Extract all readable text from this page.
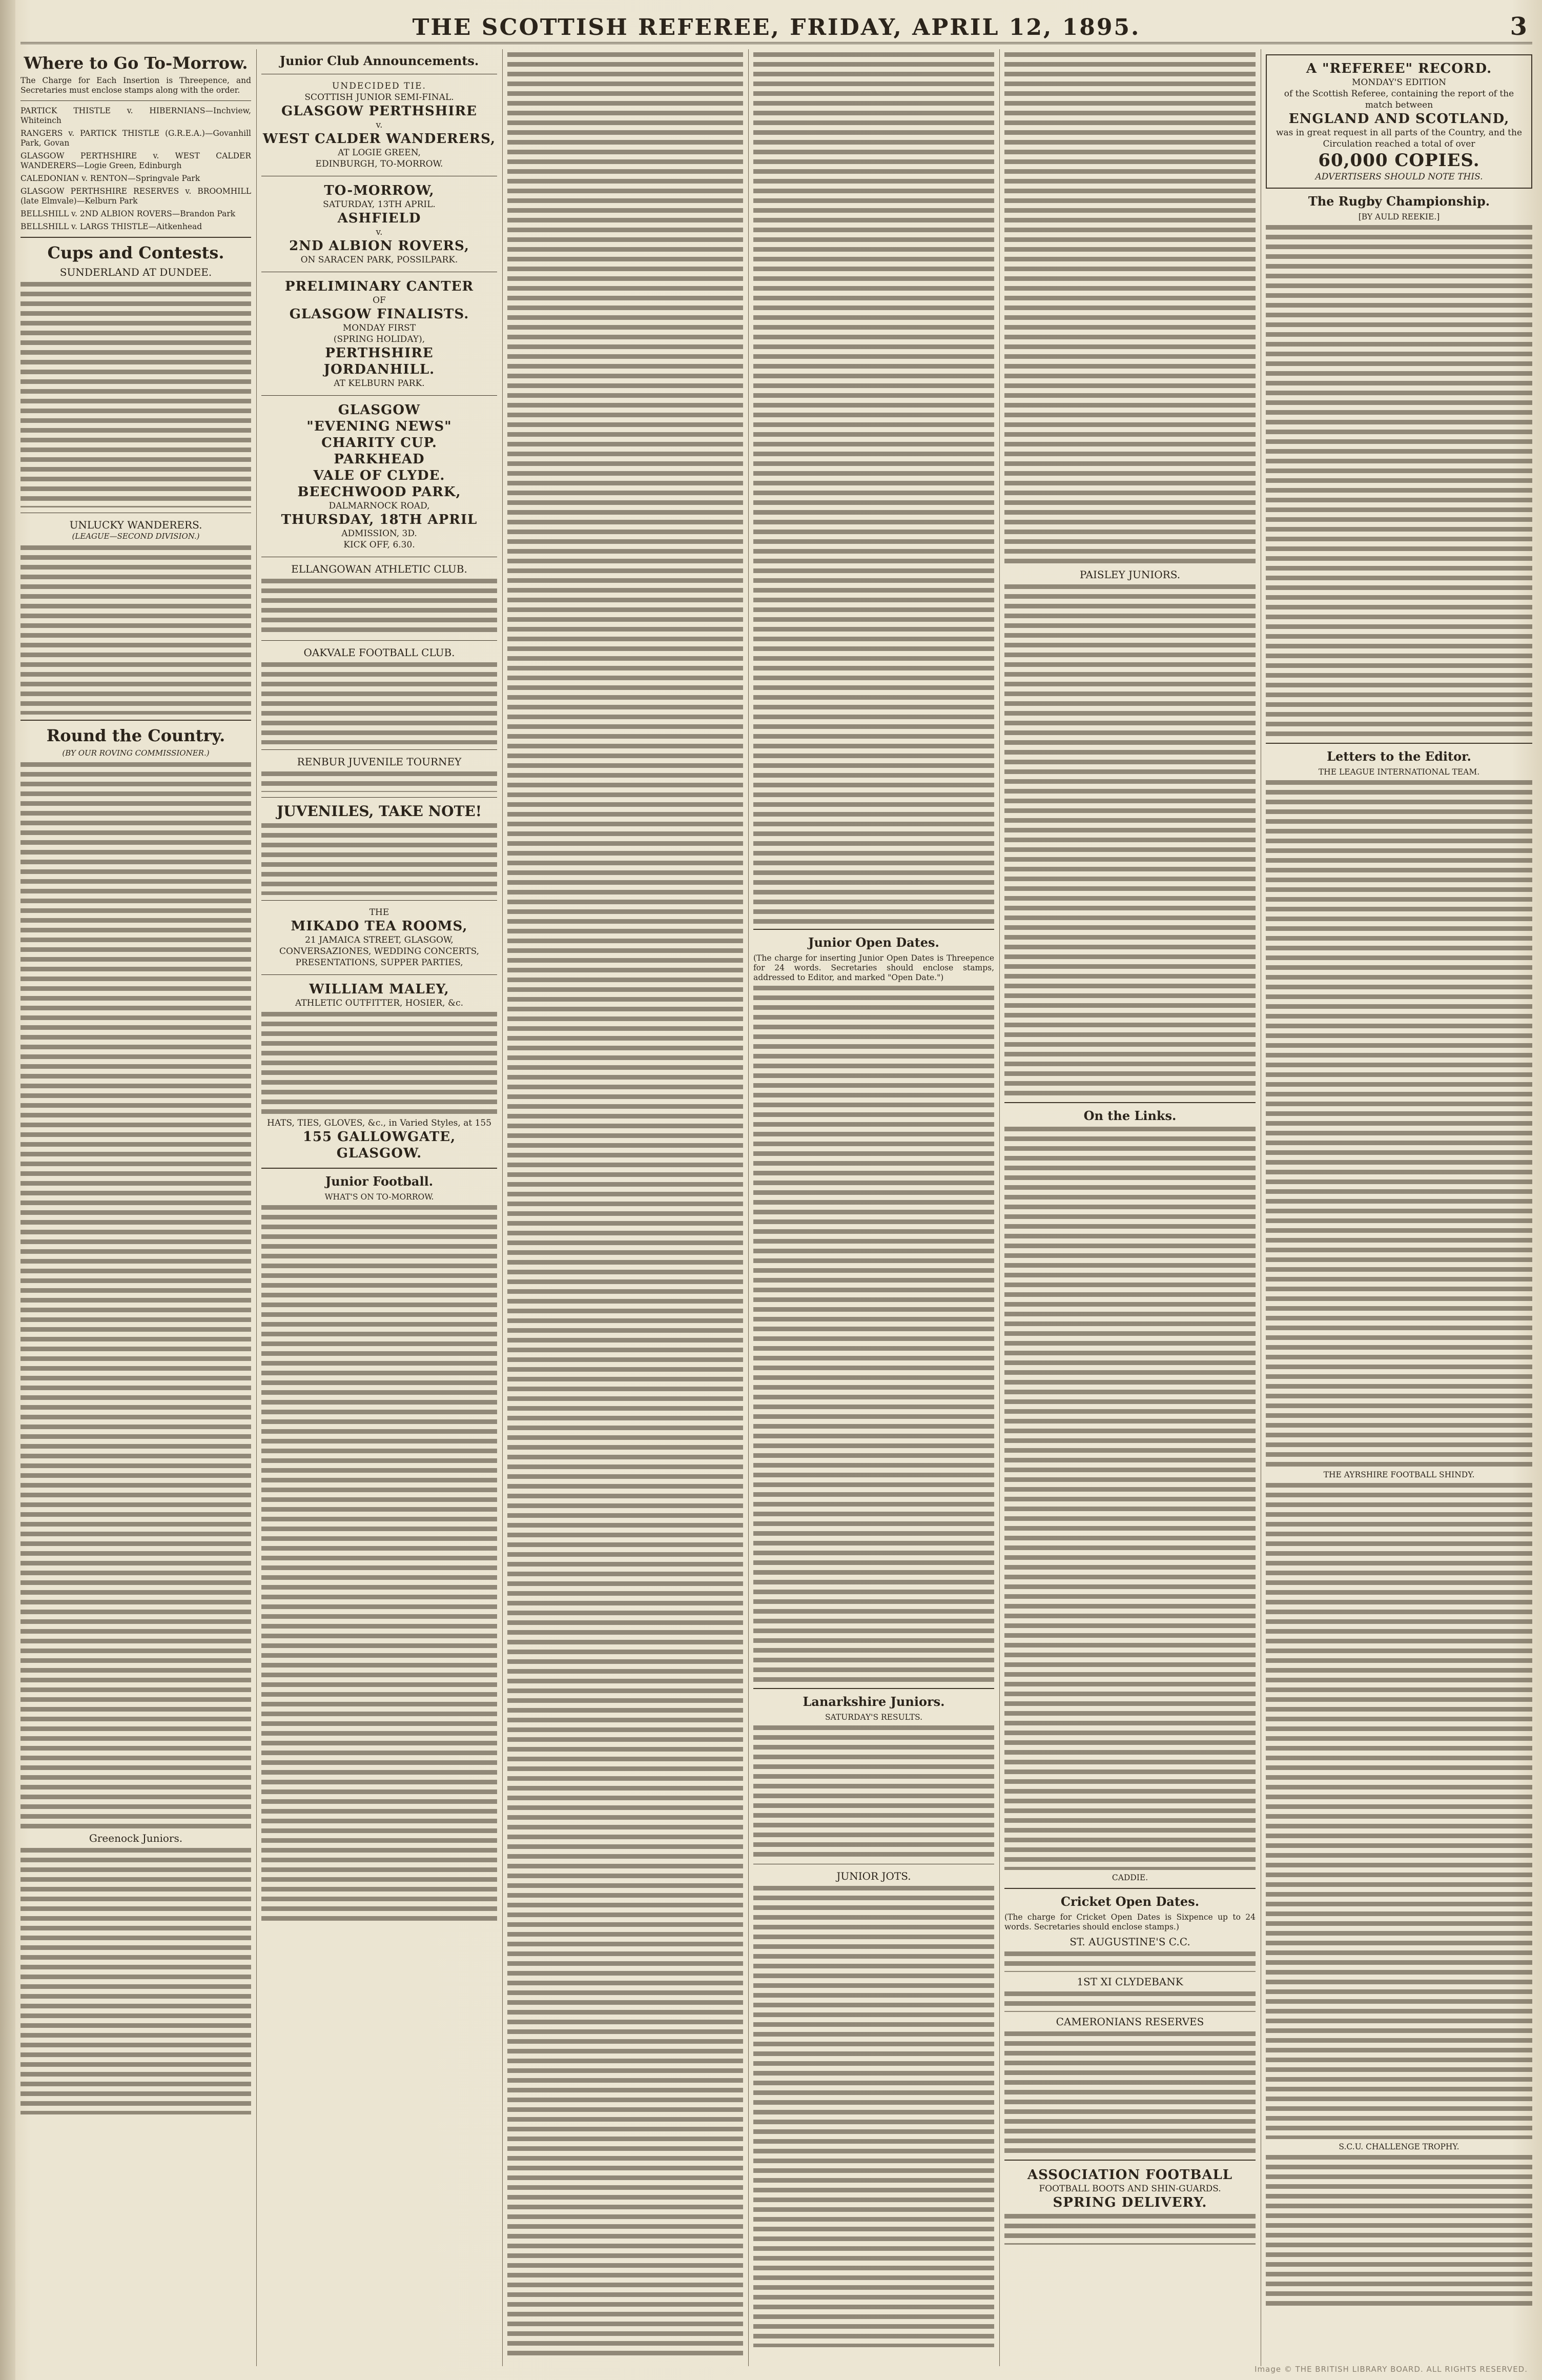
THE SCOTTISH REFEREE, FRIDAY, APRIL 12, 1895.	3
Where to Go To-Morrow.

The Charge for Each Insertion is Threepence, and Secretaries must enclose stamps along with the order.

PARTICK THISTLE v. HIBERNIANS—Inchview, Whiteinch

RANGERS v. PARTICK THISTLE (G.R.E.A.)—Govanhill Park, Govan

GLASGOW PERTHSHIRE v. WEST CALDER WANDERERS—Logie Green, Edinburgh

CALEDONIAN v. RENTON—Springvale Park

GLASGOW PERTHSHIRE RESERVES v. BROOMHILL (late Elmvale)—Kelburn Park

BELLSHILL v. 2ND ALBION ROVERS—Brandon Park

BELLSHILL v. LARGS THISTLE—Aitkenhead

Cups and Contests.
SUNDERLAND AT DUNDEE.
UNLUCKY WANDERERS.
(LEAGUE—SECOND DIVISION.)
Round the Country.
(BY OUR ROVING COMMISSIONER.)
Greenock Juniors.
Junior Club Announcements.
UNDECIDED TIE.
SCOTTISH JUNIOR SEMI-FINAL.
GLASGOW PERTHSHIRE
v.
WEST CALDER WANDERERS,
AT LOGIE GREEN,
EDINBURGH, TO-MORROW.
TO-MORROW,
SATURDAY, 13TH APRIL.
ASHFIELD
v.
2ND ALBION ROVERS,
ON SARACEN PARK, POSSILPARK.
PRELIMINARY CANTER
OF
GLASGOW FINALISTS.
MONDAY FIRST
(SPRING HOLIDAY),
PERTHSHIRE
JORDANHILL.
AT KELBURN PARK.
GLASGOW
"EVENING NEWS"
CHARITY CUP.
PARKHEAD
VALE OF CLYDE.
BEECHWOOD PARK,
DALMARNOCK ROAD,
THURSDAY, 18TH APRIL
ADMISSION, 3D.
KICK OFF, 6.30.
ELLANGOWAN ATHLETIC CLUB.
OAKVALE FOOTBALL CLUB.
RENBUR JUVENILE TOURNEY
JUVENILES, TAKE NOTE!
THE
MIKADO TEA ROOMS,
21 JAMAICA STREET, GLASGOW,
CONVERSAZIONES, WEDDING CONCERTS,
PRESENTATIONS, SUPPER PARTIES,
WILLIAM MALEY,
ATHLETIC OUTFITTER, HOSIER, &c.
HATS, TIES, GLOVES, &c., in Varied Styles, at 155
155 GALLOWGATE, GLASGOW.
Junior Football.
WHAT'S ON TO-MORROW.
Junior Open Dates.

(The charge for inserting Junior Open Dates is Threepence for 24 words. Secretaries should enclose stamps, addressed to Editor, and marked "Open Date.")

Lanarkshire Juniors.
SATURDAY'S RESULTS.
JUNIOR JOTS.
PAISLEY JUNIORS.
On the Links.
CADDIE.
Cricket Open Dates.

(The charge for Cricket Open Dates is Sixpence up to 24 words. Secretaries should enclose stamps.)

ST. AUGUSTINE'S C.C.
1ST XI CLYDEBANK
CAMERONIANS RESERVES
ASSOCIATION FOOTBALL
FOOTBALL BOOTS AND SHIN-GUARDS.
SPRING DELIVERY.
A "REFEREE" RECORD.
MONDAY'S EDITION
of the Scottish Referee, containing the report of the match between
ENGLAND AND SCOTLAND,
was in great request in all parts of the Country, and the Circulation reached a total of over
60,000 COPIES.
ADVERTISERS SHOULD NOTE THIS.
The Rugby Championship.
[BY AULD REEKIE.]
Letters to the Editor.
THE LEAGUE INTERNATIONAL TEAM.
THE AYRSHIRE FOOTBALL SHINDY.
S.C.U. CHALLENGE TROPHY.
Image © THE BRITISH LIBRARY BOARD. ALL RIGHTS RESERVED.
